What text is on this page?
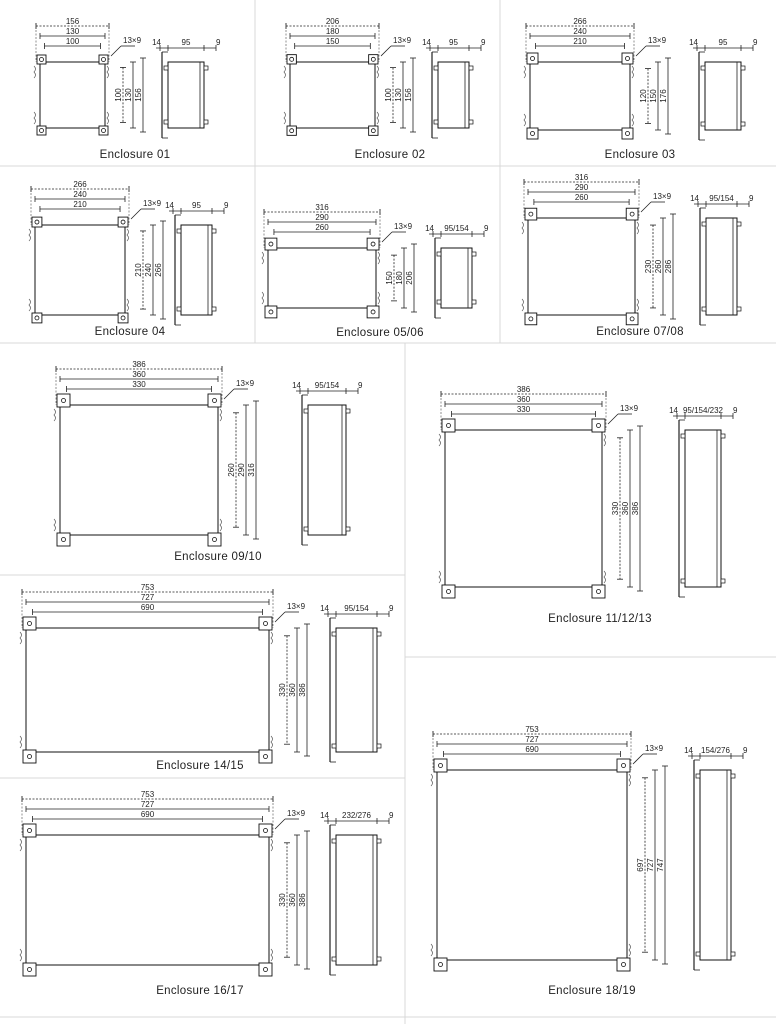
156
130
100	13×9
100 130 156
14	95	9
Enclosure 01
206
180
150	13×9
100 130 156
14 95	9
Enclosure 02
266
240
210	13×9
120 150 176
14	95	9
Enclosure 03
266
240
210	13×9
210 240 266
14 95	9
Enclosure 04
316
290
260	13×9
150 180 206
14 95/154 9
Enclosure 05/06
316
290
260	13×9
230 260 286
14 95/154 9
Enclosure 07/08
386
360
330	13×9
260 290 316
14 95/154 9
Enclosure 09/10
386
360
330	13×9
330 360 386
14 95/154/232 9
Enclosure 11/12/13
753
727
690	13×9
330 360 386
14 95/154	9
Enclosure 14/15
753
727
690	13×9
330 360 386
14 232/276 9
Enclosure 16/17
753
727
690	13×9
697 727 747
14 154/276 9
Enclosure 18/19
